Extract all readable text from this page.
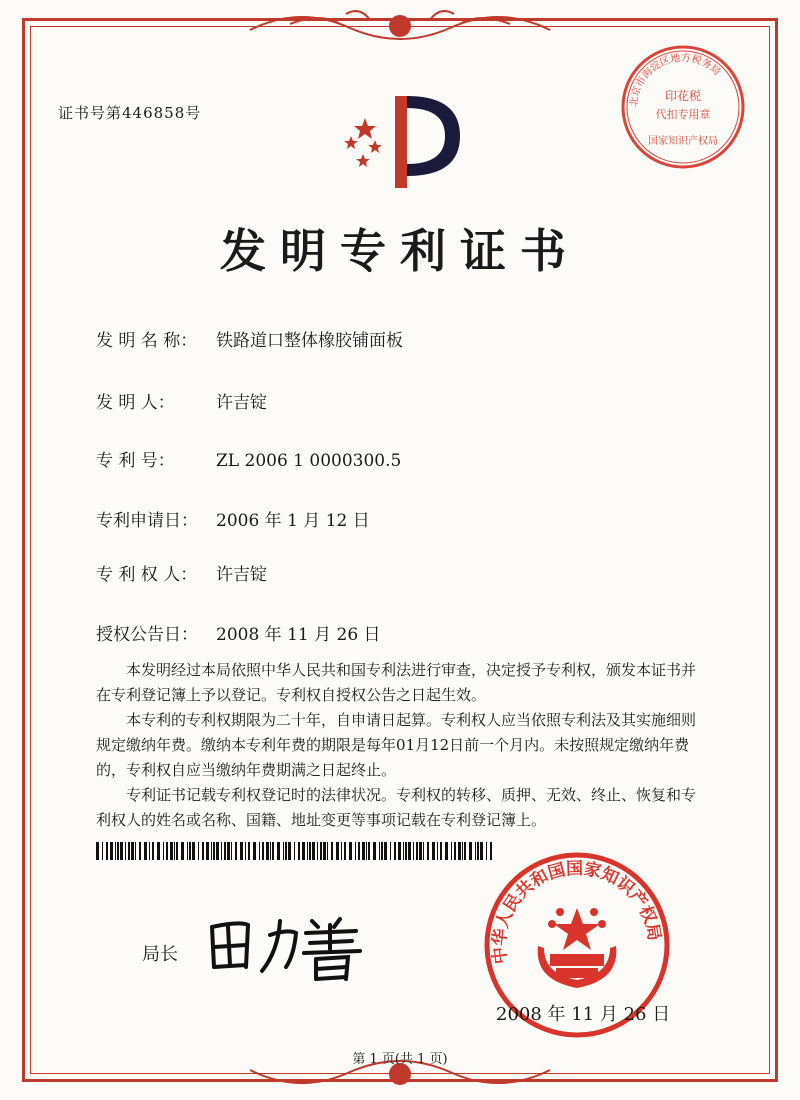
证书号第446858号
北京市海淀区地方税务局
印花税
代扣专用章
国家知识产权局
发明专利证书
发 明 名 称： 铁路道口整体橡胶铺面板
发 明 人： 许吉锭
专 利 号： ZL 2006 1 0000300.5
专利申请日： 2006 年 1 月 12 日
专 利 权 人： 许吉锭
授权公告日： 2008 年 11 月 26 日

本发明经过本局依照中华人民共和国专利法进行审查，决定授予专利权，颁发本证书并在专利登记簿上予以登记。专利权自授权公告之日起生效。

本专利的专利权期限为二十年，自申请日起算。专利权人应当依照专利法及其实施细则规定缴纳年费。缴纳本专利年费的期限是每年01月12日前一个月内。未按照规定缴纳年费的，专利权自应当缴纳年费期满之日起终止。

专利证书记载专利权登记时的法律状况。专利权的转移、质押、无效、终止、恢复和专利权人的姓名或名称、国籍、地址变更等事项记载在专利登记簿上。

局长	中华人民共和国国家知识产权局
2008 年 11 月 26 日
第 1 页(共 1 页)
